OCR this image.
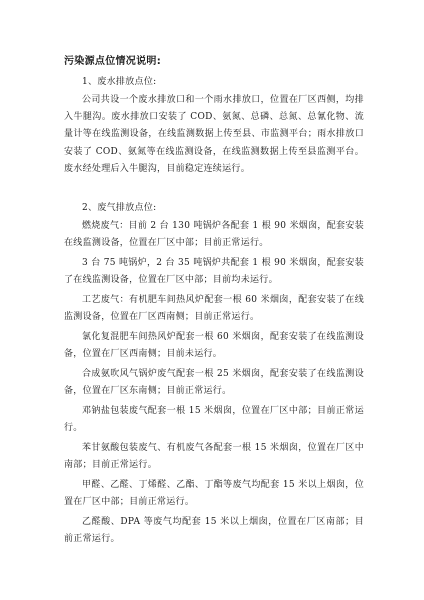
污染源点位情况说明:
1、废水排放点位:
公司共设一个废水排放口和一个雨水排放口，位置在厂区西侧，均排入牛腿沟。废水排放口安装了 COD、氨氮、总磷、总氮、总氰化物、流量计等在线监测设备，在线监测数据上传至县、市监测平台；雨水排放口安装了 COD、氨氮等在线监测设备，在线监测数据上传至县监测平台。废水经处理后入牛腿沟，目前稳定连续运行。
2、废气排放点位:
燃烧废气：目前 2 台 130 吨锅炉各配套 1 根 90 米烟囱，配套安装在线监测设备，位置在厂区中部；目前正常运行。
3 台 75 吨锅炉，2 台 35 吨锅炉共配套 1 根 90 米烟囱，配套安装了在线监测设备，位置在厂区中部；目前均未运行。
工艺废气：有机肥车间热风炉配套一根 60 米烟囱，配套安装了在线监测设备，位置在厂区西南侧；目前正常运行。
氯化复混肥车间热风炉配套一根 60 米烟囱，配套安装了在线监测设备，位置在厂区西南侧；目前未运行。
合成氨吹风气锅炉废气配套一根 25 米烟囱，配套安装了在线监测设备，位置在厂区东南侧；目前正常运行。
邓钠盐包装废气配套一根 15 米烟囱，位置在厂区中部；目前正常运行。
苯甘氨酸包装废气、有机废气各配套一根 15 米烟囱，位置在厂区中南部；目前正常运行。
甲醛、乙醛、丁烯醛、乙酯、丁酯等废气均配套 15 米以上烟囱，位置在厂区中部；目前正常运行。
乙醛酸、DPA 等废气均配套 15 米以上烟囱，位置在厂区南部；目前正常运行。
